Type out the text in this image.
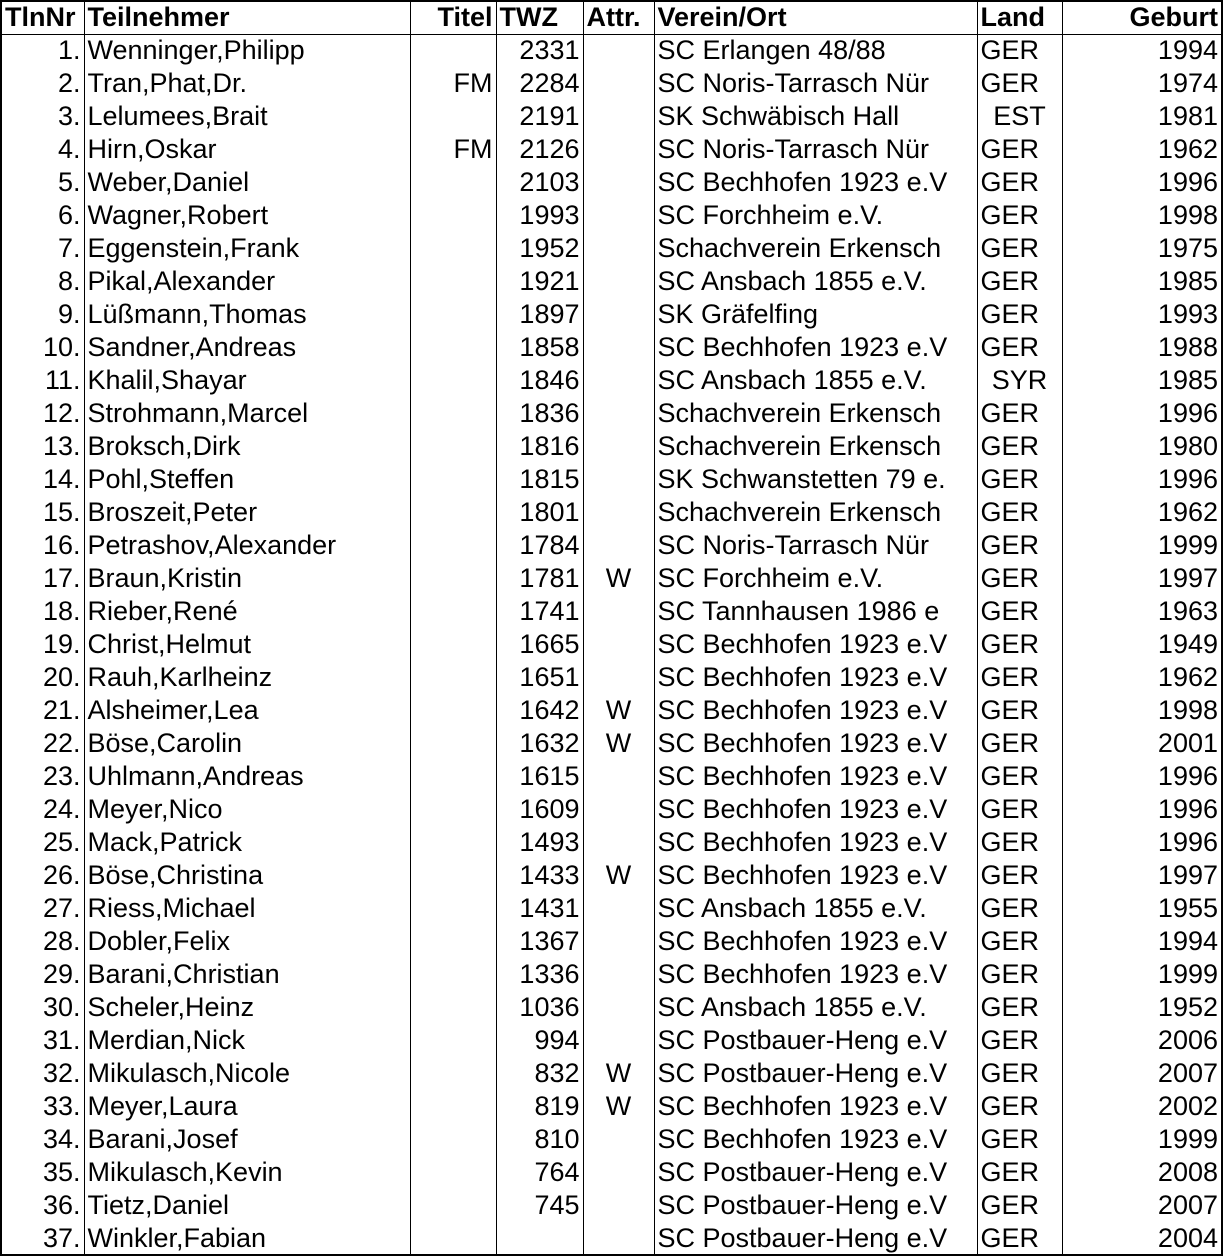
TlnNr	Teilnehmer	Titel	TWZ	Attr.	Verein/Ort	Land	Geburt
1.	Wenninger,Philipp		2331		SC Erlangen 48/88	GER	1994
2.	Tran,Phat,Dr.	FM	2284		SC Noris-Tarrasch Nür	GER	1974
3.	Lelumees,Brait		2191		SK Schwäbisch Hall	EST	1981
4.	Hirn,Oskar	FM	2126		SC Noris-Tarrasch Nür	GER	1962
5.	Weber,Daniel		2103		SC Bechhofen 1923 e.V	GER	1996
6.	Wagner,Robert		1993		SC Forchheim e.V.	GER	1998
7.	Eggenstein,Frank		1952		Schachverein Erkensch	GER	1975
8.	Pikal,Alexander		1921		SC Ansbach 1855 e.V.	GER	1985
9.	Lüßmann,Thomas		1897		SK Gräfelfing	GER	1993
10.	Sandner,Andreas		1858		SC Bechhofen 1923 e.V	GER	1988
11.	Khalil,Shayar		1846		SC Ansbach 1855 e.V.	SYR	1985
12.	Strohmann,Marcel		1836		Schachverein Erkensch	GER	1996
13.	Broksch,Dirk		1816		Schachverein Erkensch	GER	1980
14.	Pohl,Steffen		1815		SK Schwanstetten 79 e.	GER	1996
15.	Broszeit,Peter		1801		Schachverein Erkensch	GER	1962
16.	Petrashov,Alexander		1784		SC Noris-Tarrasch Nür	GER	1999
17.	Braun,Kristin		1781	W	SC Forchheim e.V.	GER	1997
18.	Rieber,René		1741		SC Tannhausen 1986 e	GER	1963
19.	Christ,Helmut		1665		SC Bechhofen 1923 e.V	GER	1949
20.	Rauh,Karlheinz		1651		SC Bechhofen 1923 e.V	GER	1962
21.	Alsheimer,Lea		1642	W	SC Bechhofen 1923 e.V	GER	1998
22.	Böse,Carolin		1632	W	SC Bechhofen 1923 e.V	GER	2001
23.	Uhlmann,Andreas		1615		SC Bechhofen 1923 e.V	GER	1996
24.	Meyer,Nico		1609		SC Bechhofen 1923 e.V	GER	1996
25.	Mack,Patrick		1493		SC Bechhofen 1923 e.V	GER	1996
26.	Böse,Christina		1433	W	SC Bechhofen 1923 e.V	GER	1997
27.	Riess,Michael		1431		SC Ansbach 1855 e.V.	GER	1955
28.	Dobler,Felix		1367		SC Bechhofen 1923 e.V	GER	1994
29.	Barani,Christian		1336		SC Bechhofen 1923 e.V	GER	1999
30.	Scheler,Heinz		1036		SC Ansbach 1855 e.V.	GER	1952
31.	Merdian,Nick		994		SC Postbauer-Heng e.V	GER	2006
32.	Mikulasch,Nicole		832	W	SC Postbauer-Heng e.V	GER	2007
33.	Meyer,Laura		819	W	SC Bechhofen 1923 e.V	GER	2002
34.	Barani,Josef		810		SC Bechhofen 1923 e.V	GER	1999
35.	Mikulasch,Kevin		764		SC Postbauer-Heng e.V	GER	2008
36.	Tietz,Daniel		745		SC Postbauer-Heng e.V	GER	2007
37.	Winkler,Fabian				SC Postbauer-Heng e.V	GER	2004
